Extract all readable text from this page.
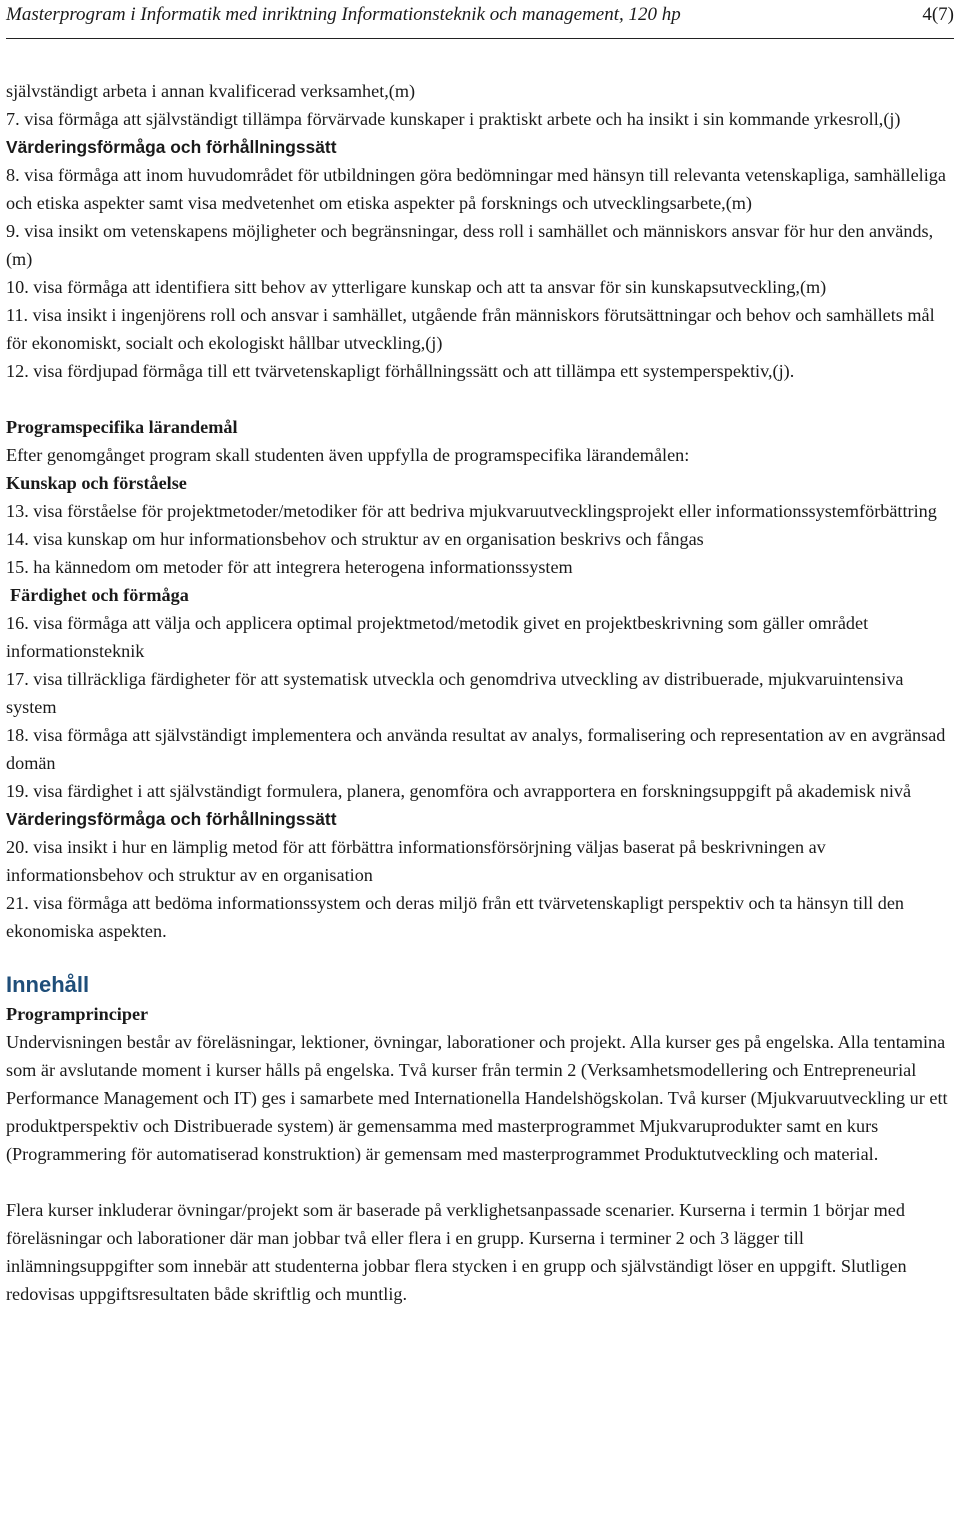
Masterprogram i Informatik med inriktning Informationsteknik och management, 120 hp	4(7)

självständigt arbeta i annan kvalificerad verksamhet,(m)

7. visa förmåga att självständigt tillämpa förvärvade kunskaper i praktiskt arbete och ha insikt i sin kommande yrkesroll,(j)

Värderingsförmåga och förhållningssätt

8. visa förmåga att inom huvudområdet för utbildningen göra bedömningar med hänsyn till relevanta vetenskapliga, samhälleliga och etiska aspekter samt visa medvetenhet om etiska aspekter på forsknings och utvecklingsarbete,(m)

9. visa insikt om vetenskapens möjligheter och begränsningar, dess roll i samhället och människors ansvar för hur den används,(m)

10. visa förmåga att identifiera sitt behov av ytterligare kunskap och att ta ansvar för sin kunskapsutveckling,(m)

11. visa insikt i ingenjörens roll och ansvar i samhället, utgående från människors förutsättningar och behov och samhällets mål för ekonomiskt, socialt och ekologiskt hållbar utveckling,(j)

12. visa fördjupad förmåga till ett tvärvetenskapligt förhållningssätt och att tillämpa ett systemperspektiv,(j).

Programspecifika lärandemål

Efter genomgånget program skall studenten även uppfylla de programspecifika lärandemålen:

Kunskap och förståelse

13. visa förståelse för projektmetoder/metodiker för att bedriva mjukvaruutvecklingsprojekt eller informationssystemförbättring

14. visa kunskap om hur informationsbehov och struktur av en organisation beskrivs och fångas

15. ha kännedom om metoder för att integrera heterogena informationssystem

Färdighet och förmåga

16. visa förmåga att välja och applicera optimal projektmetod/metodik givet en projektbeskrivning som gäller området informationsteknik

17. visa tillräckliga färdigheter för att systematisk utveckla och genomdriva utveckling av distribuerade, mjukvaruintensiva system

18. visa förmåga att självständigt implementera och använda resultat av analys, formalisering och representation av en avgränsad domän

19. visa färdighet i att självständigt formulera, planera, genomföra och avrapportera en forskningsuppgift på akademisk nivå

Värderingsförmåga och förhållningssätt

20. visa insikt i hur en lämplig metod för att förbättra informationsförsörjning väljas baserat på beskrivningen av informationsbehov och struktur av en organisation

21. visa förmåga att bedöma informationssystem och deras miljö från ett tvärvetenskapligt perspektiv och ta hänsyn till den ekonomiska aspekten.

Innehåll

Programprinciper

Undervisningen består av föreläsningar, lektioner, övningar, laborationer och projekt. Alla kurser ges på engelska. Alla tentamina som är avslutande moment i kurser hålls på engelska. Två kurser från termin 2 (Verksamhetsmodellering och Entrepreneurial Performance Management och IT) ges i samarbete med Internationella Handelshögskolan. Två kurser (Mjukvaruutveckling ur ett produktperspektiv och Distribuerade system) är gemensamma med masterprogrammet Mjukvaruprodukter samt en kurs (Programmering för automatiserad konstruktion) är gemensam med masterprogrammet Produktutveckling och material.

Flera kurser inkluderar övningar/projekt som är baserade på verklighetsanpassade scenarier. Kurserna i termin 1 börjar med föreläsningar och laborationer där man jobbar två eller flera i en grupp. Kurserna i terminer 2 och 3 lägger till inlämningsuppgifter som innebär att studenterna jobbar flera stycken i en grupp och självständigt löser en uppgift. Slutligen redovisas uppgiftsresultaten både skriftlig och muntlig.
